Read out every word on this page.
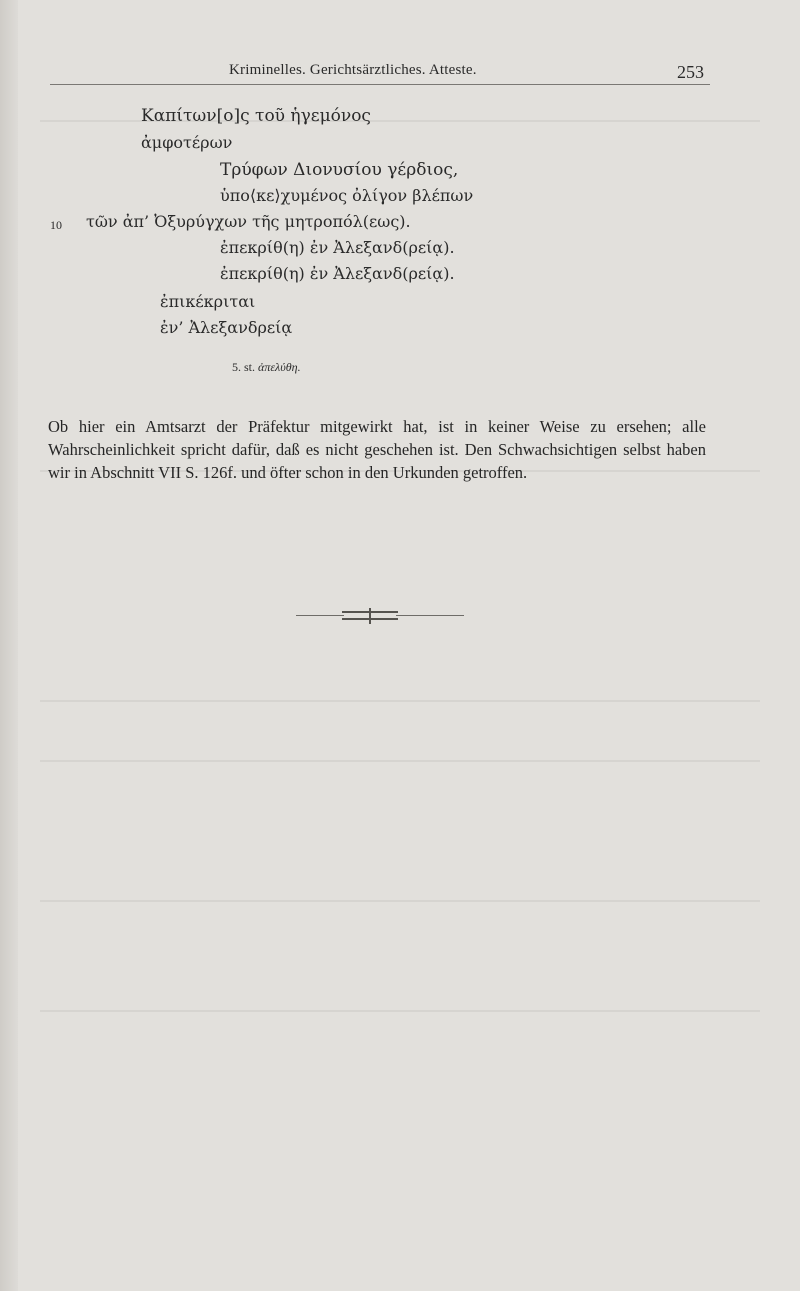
Kriminelles. Gerichtsärztliches. Atteste.	253
Καπίτων[ο]ς τοῦ ἡγεμόνος
ἀμφοτέρων
Τρύφων Διονυσίου γέρδιος,
ὑπο⟨κε⟩χυμένος ὀλίγον βλέπων
10 τῶν ἀπ’ Ὀξυρύγχων τῆς μητροπόλ(εως).
ἐπεκρίθ(η) ἐν Ἀλεξανδ(ρείᾳ).
ἐπεκρίθ(η) ἐν Ἀλεξανδ(ρείᾳ).
ἐπικέκριται
ἐν’ Ἀλεξανδρείᾳ
5. st. ἀπελύθη.

Ob hier ein Amtsarzt der Präfektur mitgewirkt hat, ist in keiner Weise zu ersehen; alle Wahrscheinlichkeit spricht dafür, daß es nicht geschehen ist. Den Schwachsichtigen selbst haben wir in Abschnitt VII S. 126f. und öfter schon in den Urkunden getroffen.
